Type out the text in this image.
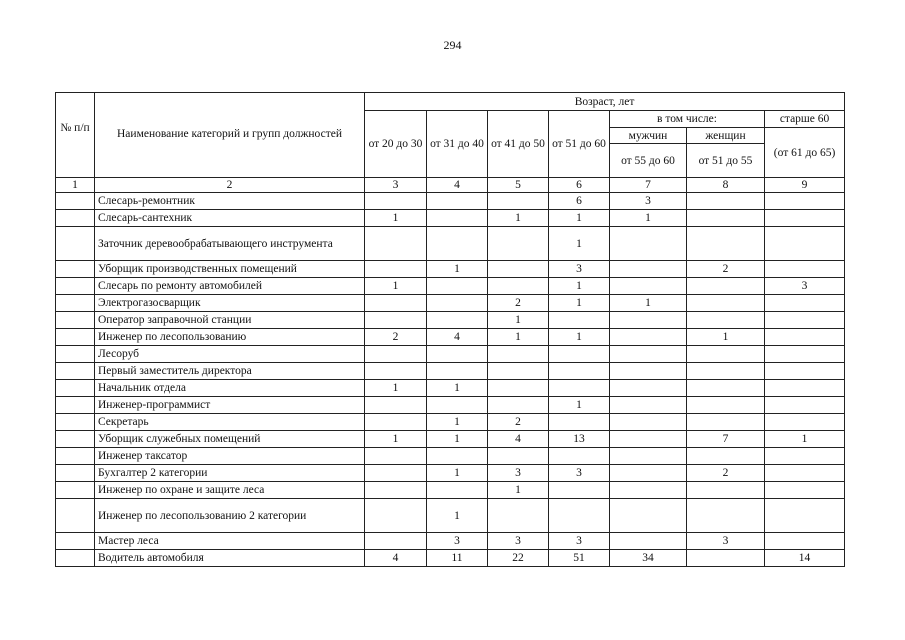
294
№ п/п	Наименование категорий и групп должностей	Возраст, лет						
		от 20 до 30	от 31 до 40	от 41 до 50	от 51 до 60	в том числе:		старше 60
						мужчин	женщин	(от 61 до 65)
						от 55 до 60	от 51 до 55	
1	2	3	4	5	6	7	8	9
	Слесарь-ремонтник				6	3		
	Слесарь-сантехник	1		1	1	1		
	Заточник деревообрабатывающего инструмента				1			
	Уборщик производственных помещений		1		3		2	
	Слесарь по ремонту автомобилей	1			1			3
	Электрогазосварщик			2	1	1		
	Оператор заправочной станции			1				
	Инженер по лесопользованию	2	4	1	1		1	
	Лесоруб							
	Первый заместитель директора							
	Начальник отдела	1	1					
	Инженер-программист				1			
	Секретарь		1	2				
	Уборщик служебных помещений	1	1	4	13		7	1
	Инженер таксатор							
	Бухгалтер 2 категории		1	3	3		2	
	Инженер по охране и защите леса			1				
	Инженер по лесопользованию 2 категории		1					
	Мастер леса		3	3	3		3	
	Водитель автомобиля	4	11	22	51	34		14
